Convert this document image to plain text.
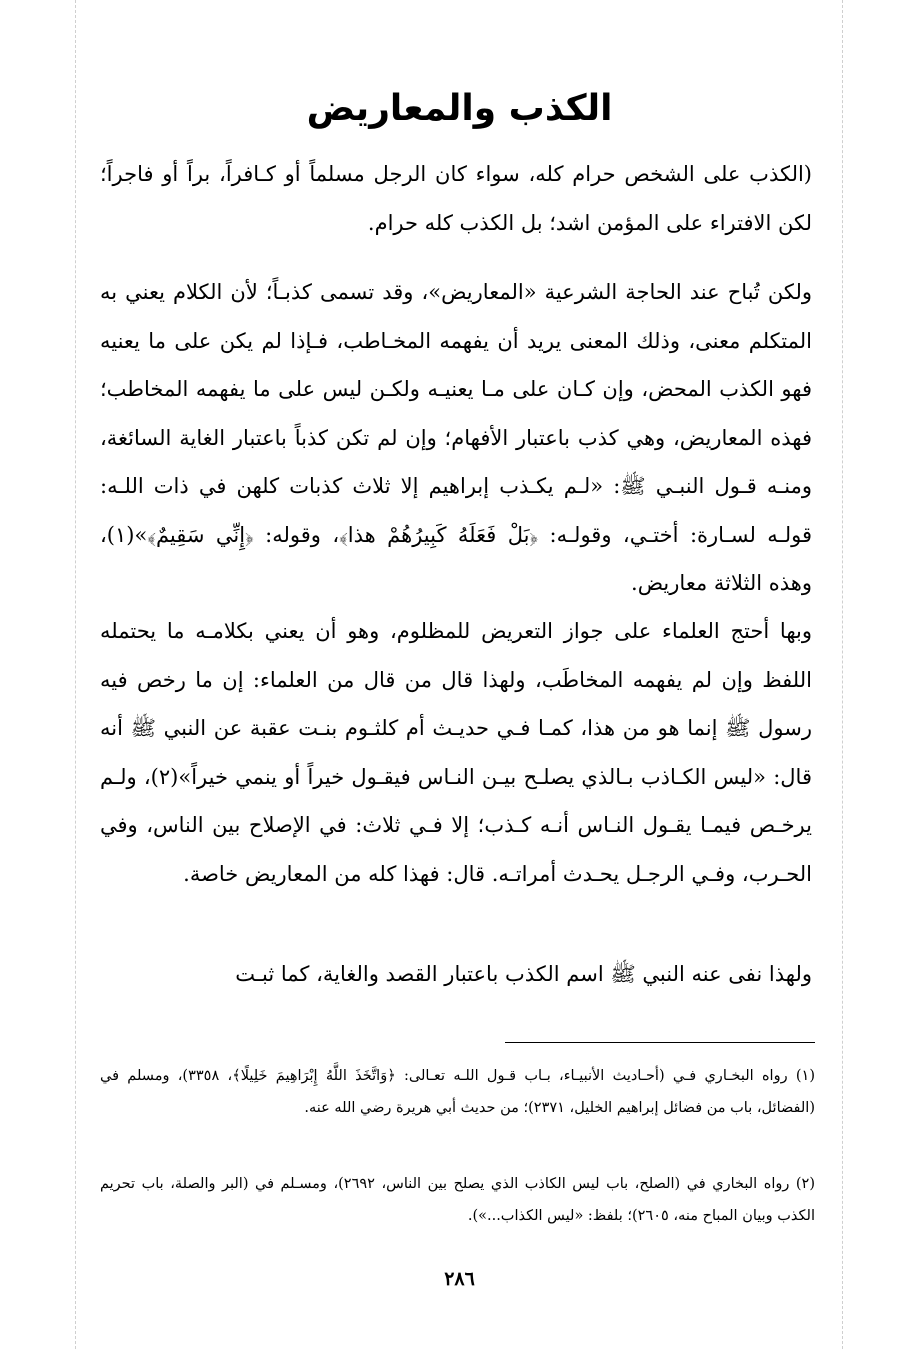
الكذب والمعاريض

(الكذب على الشخص حرام كله، سواء كان الرجل مسلماً أو كـافراً، براً أو فاجراً؛ لكن الافتراء على المؤمن اشد؛ بل الكذب كله حرام.

ولكن تُباح عند الحاجة الشرعية «المعاريض»، وقد تسمى كذبـاً؛ لأن الكلام يعني به المتكلم معنى، وذلك المعنى يريد أن يفهمه المخـاطب، فـإذا لم يكن على ما يعنيه فهو الكذب المحض، وإن كـان على مـا يعنيـه ولكـن ليس على ما يفهمه المخاطب؛ فهذه المعاريض، وهي كذب باعتبار الأفهام؛ وإن لم تكن كذباً باعتبار الغاية السائغة، ومنـه قـول النبـي ﷺ: «لـم يكـذب إبراهيم إلا ثلاث كذبات كلهن في ذات اللـه: قولـه لسـارة: أختـي، وقولـه: ﴿بَلْ فَعَلَهُ كَبِيرُهُمْ هذا﴾، وقوله: ﴿إِنِّي سَقِيمٌ﴾»(١)، وهذه الثلاثة معاريض.

وبها أحتج العلماء على جواز التعريض للمظلوم، وهو أن يعني بكلامـه ما يحتمله اللفظ وإن لم يفهمه المخاطَب، ولهذا قال من قال من العلماء: إن ما رخص فيه رسول ﷺ إنما هو من هذا، كمـا فـي حديـث أم كلثـوم بنـت عقبة عن النبي ﷺ أنه قال: «ليس الكـاذب بـالذي يصلـح بيـن النـاس فيقـول خيراً أو ينمي خيراً»(٢)، ولـم يرخـص فيمـا يقـول النـاس أنـه كـذب؛ إلا فـي ثلاث: في الإصلاح بين الناس، وفي الحـرب، وفـي الرجـل يحـدث أمراتـه. قال: فهذا كله من المعاريض خاصة.

ولهذا نفى عنه النبي ﷺ اسم الكذب باعتبار القصد والغاية، كما ثبـت

(١) رواه البخـاري فـي (أحـاديث الأنبيـاء، بـاب قـول اللـه تعـالى: ﴿وَاتَّخَذَ اللَّهُ إِبْرَاهِيمَ خَلِيلًا﴾، ٣٣٥٨)، ومسلم في (الفضائل، باب من فضائل إبراهيم الخليل، ٢٣٧١)؛ من حديث أبي هريرة رضي الله عنه.

(٢) رواه البخاري في (الصلح، باب ليس الكاذب الذي يصلح بين الناس، ٢٦٩٢)، ومسـلم في (البر والصلة، باب تحريم الكذب وبيان المباح منه، ٢٦٠٥)؛ بلفظ: «ليس الكذاب...»).

٢٨٦
